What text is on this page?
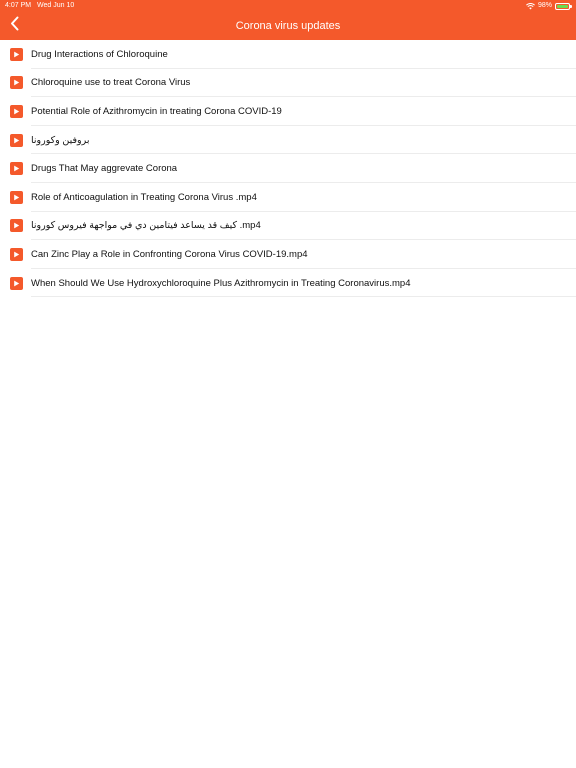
4:07 PM Wed Jun 10	98%
Corona virus updates
Drug Interactions of Chloroquine
Chloroquine use to treat Corona Virus
Potential Role of Azithromycin in treating Corona COVID-19
بروفين وكورونا
Drugs That May aggrevate Corona
Role of Anticoagulation in Treating Corona Virus .mp4
كيف قد يساعد فيتامين دي في مواجهة فيروس كورونا .mp4
Can Zinc Play a Role in Confronting Corona Virus COVID-19.mp4
When Should We Use Hydroxychloroquine Plus Azithromycin in Treating Coronavirus.mp4
